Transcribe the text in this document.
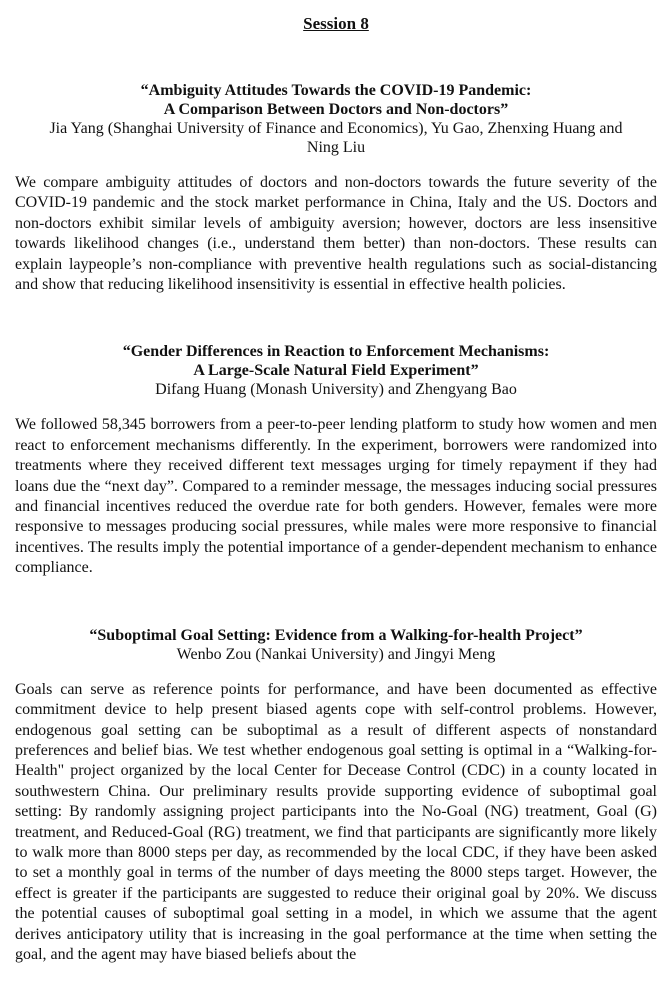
Session 8
“Ambiguity Attitudes Towards the COVID-19 Pandemic:
A Comparison Between Doctors and Non-doctors”
Jia Yang (Shanghai University of Finance and Economics), Yu Gao, Zhenxing Huang and
Ning Liu

We compare ambiguity attitudes of doctors and non-doctors towards the future severity of the COVID-19 pandemic and the stock market performance in China, Italy and the US. Doctors and non-doctors exhibit similar levels of ambiguity aversion; however, doctors are less insensitive towards likelihood changes (i.e., understand them better) than non-doctors. These results can explain laypeople’s non-compliance with preventive health regulations such as social-distancing and show that reducing likelihood insensitivity is essential in effective health policies.

“Gender Differences in Reaction to Enforcement Mechanisms:
A Large-Scale Natural Field Experiment”
Difang Huang (Monash University) and Zhengyang Bao

We followed 58,345 borrowers from a peer-to-peer lending platform to study how women and men react to enforcement mechanisms differently. In the experiment, borrowers were randomized into treatments where they received different text messages urging for timely repayment if they had loans due the “next day”. Compared to a reminder message, the messages inducing social pressures and financial incentives reduced the overdue rate for both genders. However, females were more responsive to messages producing social pressures, while males were more responsive to financial incentives. The results imply the potential importance of a gender-dependent mechanism to enhance compliance.

“Suboptimal Goal Setting: Evidence from a Walking-for-health Project”
Wenbo Zou (Nankai University) and Jingyi Meng

Goals can serve as reference points for performance, and have been documented as effective commitment device to help present biased agents cope with self-control problems. However, endogenous goal setting can be suboptimal as a result of different aspects of nonstandard preferences and belief bias. We test whether endogenous goal setting is optimal in a “Walking-for-Health" project organized by the local Center for Decease Control (CDC) in a county located in southwestern China. Our preliminary results provide supporting evidence of suboptimal goal setting: By randomly assigning project participants into the No-Goal (NG) treatment, Goal (G) treatment, and Reduced-Goal (RG) treatment, we find that participants are significantly more likely to walk more than 8000 steps per day, as recommended by the local CDC, if they have been asked to set a monthly goal in terms of the number of days meeting the 8000 steps target. However, the effect is greater if the participants are suggested to reduce their original goal by 20%. We discuss the potential causes of suboptimal goal setting in a model, in which we assume that the agent derives anticipatory utility that is increasing in the goal performance at the time when setting the goal, and the agent may have biased beliefs about the
